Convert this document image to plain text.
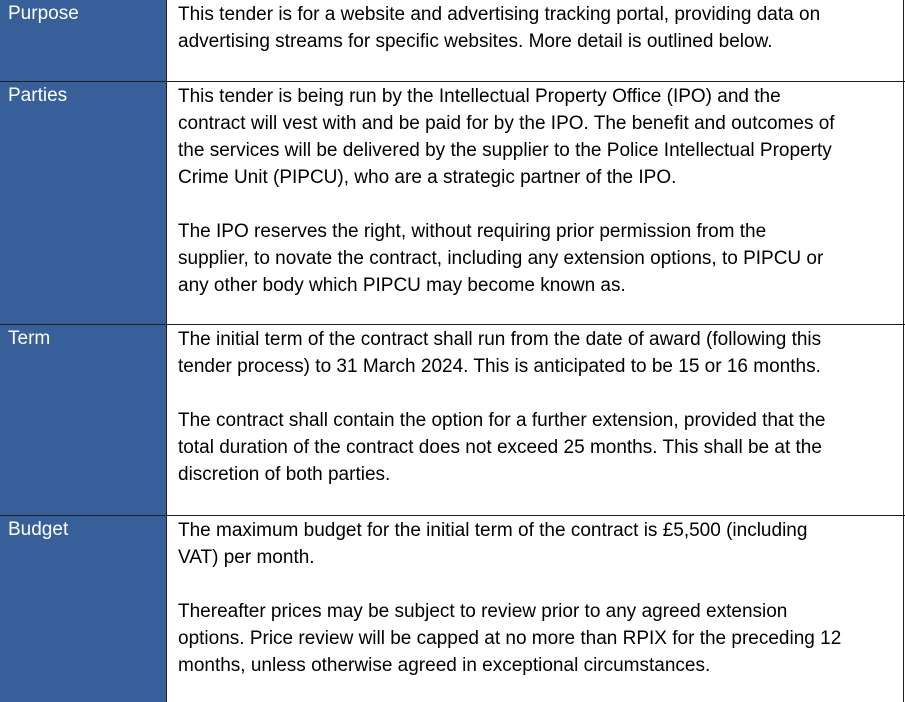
Purpose	This tender is for a website and advertising tracking portal, providing data on
advertising streams for specific websites. More detail is outlined below.

Parties	This tender is being run by the Intellectual Property Office (IPO) and the
contract will vest with and be paid for by the IPO. The benefit and outcomes of
the services will be delivered by the supplier to the Police Intellectual Property
Crime Unit (PIPCU), who are a strategic partner of the IPO.

The IPO reserves the right, without requiring prior permission from the
supplier, to novate the contract, including any extension options, to PIPCU or
any other body which PIPCU may become known as.

Term	The initial term of the contract shall run from the date of award (following this
tender process) to 31 March 2024. This is anticipated to be 15 or 16 months.

The contract shall contain the option for a further extension, provided that the
total duration of the contract does not exceed 25 months. This shall be at the
discretion of both parties.

Budget	The maximum budget for the initial term of the contract is £5,500 (including
VAT) per month.

Thereafter prices may be subject to review prior to any agreed extension
options. Price review will be capped at no more than RPIX for the preceding 12
months, unless otherwise agreed in exceptional circumstances.
